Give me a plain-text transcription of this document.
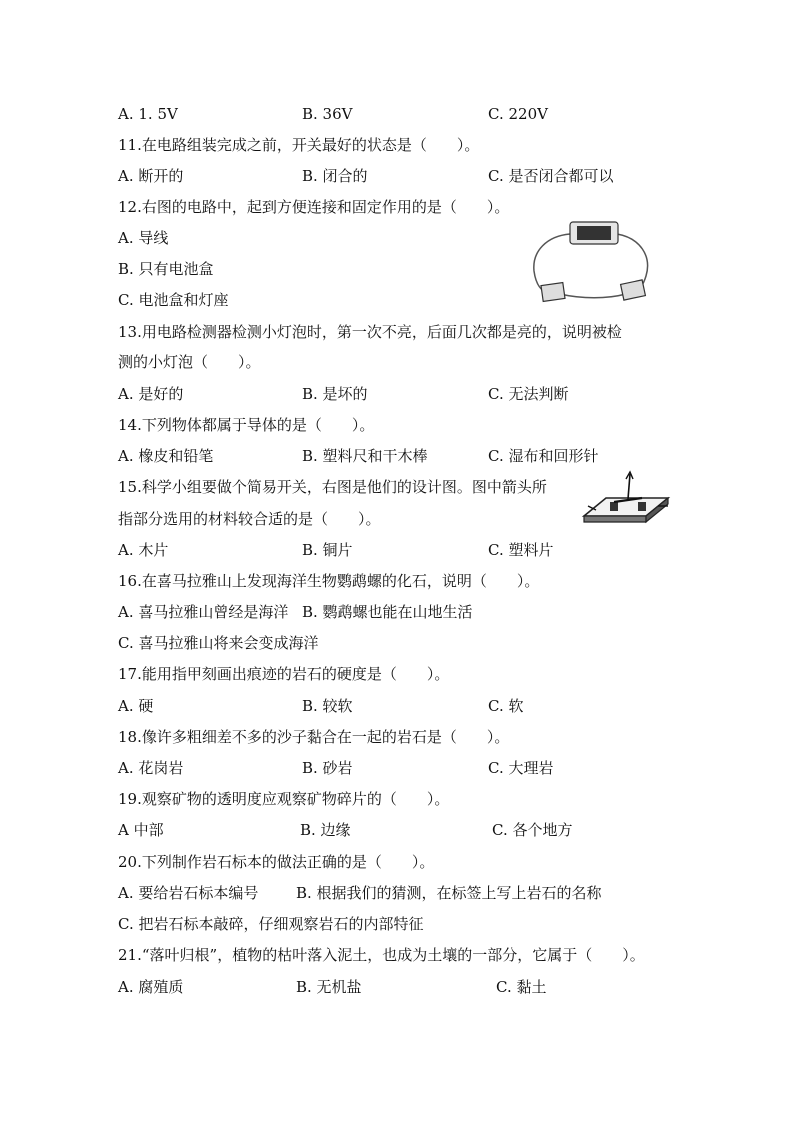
A. 1. 5V	B. 36V	C. 220V
11.在电路组装完成之前，开关最好的状态是（　　）。
A. 断开的	B. 闭合的	C. 是否闭合都可以
12.右图的电路中，起到方便连接和固定作用的是（　　）。
A. 导线
B. 只有电池盒
C. 电池盒和灯座
13.用电路检测器检测小灯泡时，第一次不亮，后面几次都是亮的，说明被检
测的小灯泡（　　）。
A. 是好的	B. 是坏的	C. 无法判断
14.下列物体都属于导体的是（　　）。
A. 橡皮和铅笔	B. 塑料尺和干木棒	C. 湿布和回形针
15.科学小组要做个简易开关，右图是他们的设计图。图中箭头所
指部分选用的材料较合适的是（　　）。
A. 木片	B. 铜片	C. 塑料片
16.在喜马拉雅山上发现海洋生物鹦鹉螺的化石，说明（　　）。
A. 喜马拉雅山曾经是海洋 B. 鹦鹉螺也能在山地生活
C. 喜马拉雅山将来会变成海洋
17.能用指甲刻画出痕迹的岩石的硬度是（　　）。
A. 硬	B. 较软	C. 软
18.像许多粗细差不多的沙子黏合在一起的岩石是（　　）。
A. 花岗岩	B. 砂岩	C. 大理岩
19.观察矿物的透明度应观察矿物碎片的（　　）。
A 中部	B. 边缘	C. 各个地方
20.下列制作岩石标本的做法正确的是（　　）。
A. 要给岩石标本编号	B. 根据我们的猜测，在标签上写上岩石的名称
C. 把岩石标本敲碎，仔细观察岩石的内部特征
21.“落叶归根”，植物的枯叶落入泥土，也成为土壤的一部分，它属于（　　）。
A. 腐殖质	B. 无机盐	C. 黏土
